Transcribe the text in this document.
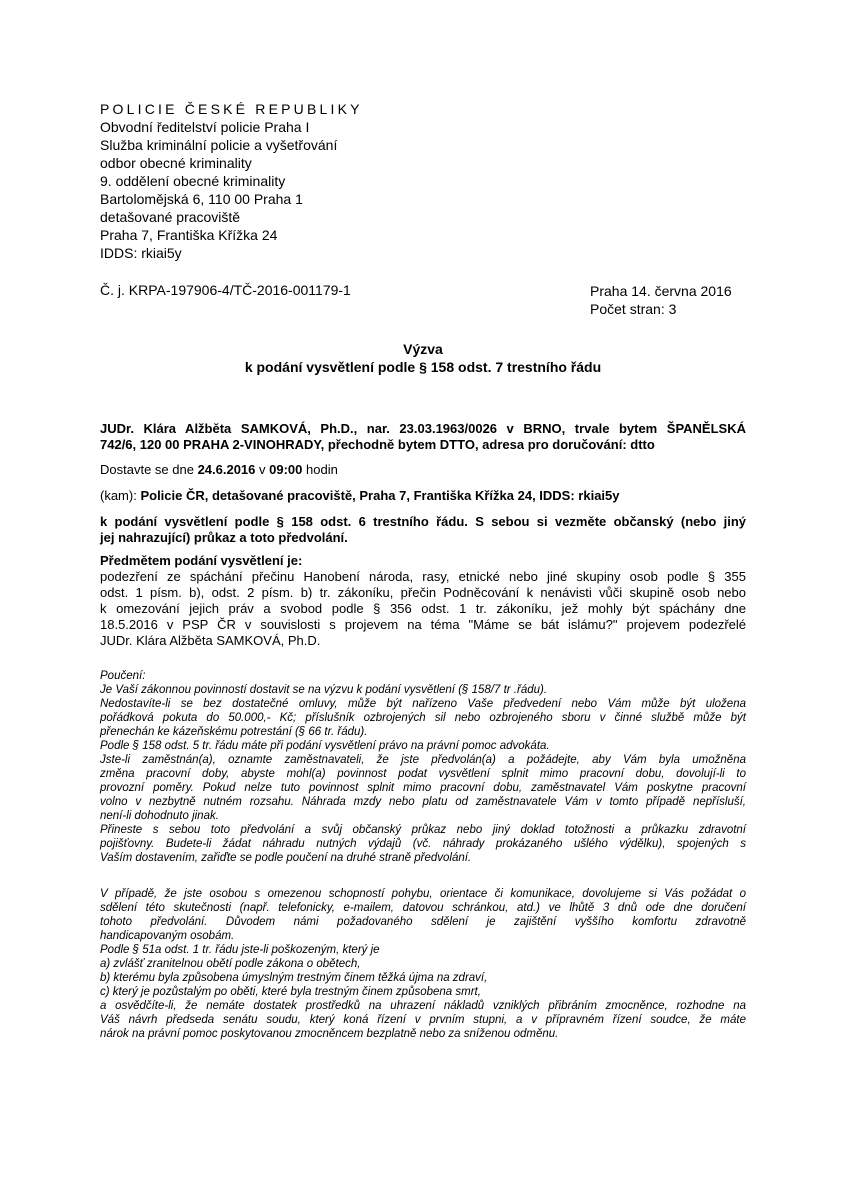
POLICIE ČESKÉ REPUBLIKY
Obvodní ředitelství policie Praha I
Služba kriminální policie a vyšetřování
odbor obecné kriminality
9. oddělení obecné kriminality
Bartolomějská 6, 110 00 Praha 1
detašované pracoviště
Praha 7, Františka Křížka 24
IDDS: rkiai5y
Č. j. KRPA-197906-4/TČ-2016-001179-1	Praha 14. června 2016
Počet stran: 3
Výzva
k podání vysvětlení podle § 158 odst. 7 trestního řádu
JUDr. Klára Alžběta SAMKOVÁ, Ph.D., nar. 23.03.1963/0026 v BRNO, trvale bytem ŠPANĚLSKÁ
742/6, 120 00 PRAHA 2-VINOHRADY, přechodně bytem DTTO, adresa pro doručování: dtto
Dostavte se dne 24.6.2016 v 09:00 hodin
(kam): Policie ČR, detašované pracoviště, Praha 7, Františka Křížka 24, IDDS: rkiai5y
k podání vysvětlení podle § 158 odst. 6 trestního řádu. S sebou si vezměte občanský (nebo jiný
jej nahrazující) průkaz a toto předvolání.
Předmětem podání vysvětlení je:
podezření ze spáchání přečinu Hanobení národa, rasy, etnické nebo jiné skupiny osob podle § 355
odst. 1 písm. b), odst. 2 písm. b) tr. zákoníku, přečin Podněcování k nenávisti vůči skupině osob nebo
k omezování jejich práv a svobod podle § 356 odst. 1 tr. zákoníku, jež mohly být spáchány dne
18.5.2016 v PSP ČR v souvislosti s projevem na téma "Máme se bát islámu?" projevem podezřelé
JUDr. Klára Alžběta SAMKOVÁ, Ph.D.
Poučení:
Je Vaší zákonnou povinností dostavit se na výzvu k podání vysvětlení (§ 158/7 tr .řádu).
Nedostavíte-li se bez dostatečné omluvy, může být nařízeno Vaše předvedení nebo Vám může být uložena
pořádková pokuta do 50.000,- Kč; příslušník ozbrojených sil nebo ozbrojeného sboru v činné službě může být
přenechán ke kázeňskému potrestání (§ 66 tr. řádu).
Podle § 158 odst. 5 tr. řádu máte při podání vysvětlení právo na právní pomoc advokáta.
Jste-li zaměstnán(a), oznamte zaměstnavateli, že jste předvolán(a) a požádejte, aby Vám byla umožněna
změna pracovní doby, abyste mohl(a) povinnost podat vysvětlení splnit mimo pracovní dobu, dovolují-li to
provozní poměry. Pokud nelze tuto povinnost splnit mimo pracovní dobu, zaměstnavatel Vám poskytne pracovní
volno v nezbytně nutném rozsahu. Náhrada mzdy nebo platu od zaměstnavatele Vám v tomto případě nepřísluší,
není-li dohodnuto jinak.
Přineste s sebou toto předvolání a svůj občanský průkaz nebo jiný doklad totožnosti a průkazku zdravotní
pojišťovny. Budete-li žádat náhradu nutných výdajů (vč. náhrady prokázaného ušlého výdělku), spojených s
Vaším dostavením, zařiďte se podle poučení na druhé straně předvolání.
V případě, že jste osobou s omezenou schopností pohybu, orientace či komunikace, dovolujeme si Vás požádat o
sdělení této skutečnosti (např. telefonicky, e-mailem, datovou schránkou, atd.) ve lhůtě 3 dnů ode dne doručení
tohoto předvolání. Důvodem námi požadovaného sdělení je zajištění vyššího komfortu zdravotně
handicapovaným osobám.
Podle § 51a odst. 1 tr. řádu jste-li poškozeným, který je
a) zvlášť zranitelnou obětí podle zákona o obětech,
b) kterému byla způsobena úmyslným trestným činem těžká újma na zdraví,
c) který je pozůstalým po oběti, které byla trestným činem způsobena smrt,
a osvědčíte-li, že nemáte dostatek prostředků na uhrazení nákladů vzniklých přibráním zmocněnce, rozhodne na
Váš návrh předseda senátu soudu, který koná řízení v prvním stupni, a v přípravném řízení soudce, že máte
nárok na právní pomoc poskytovanou zmocněncem bezplatně nebo za sníženou odměnu.
